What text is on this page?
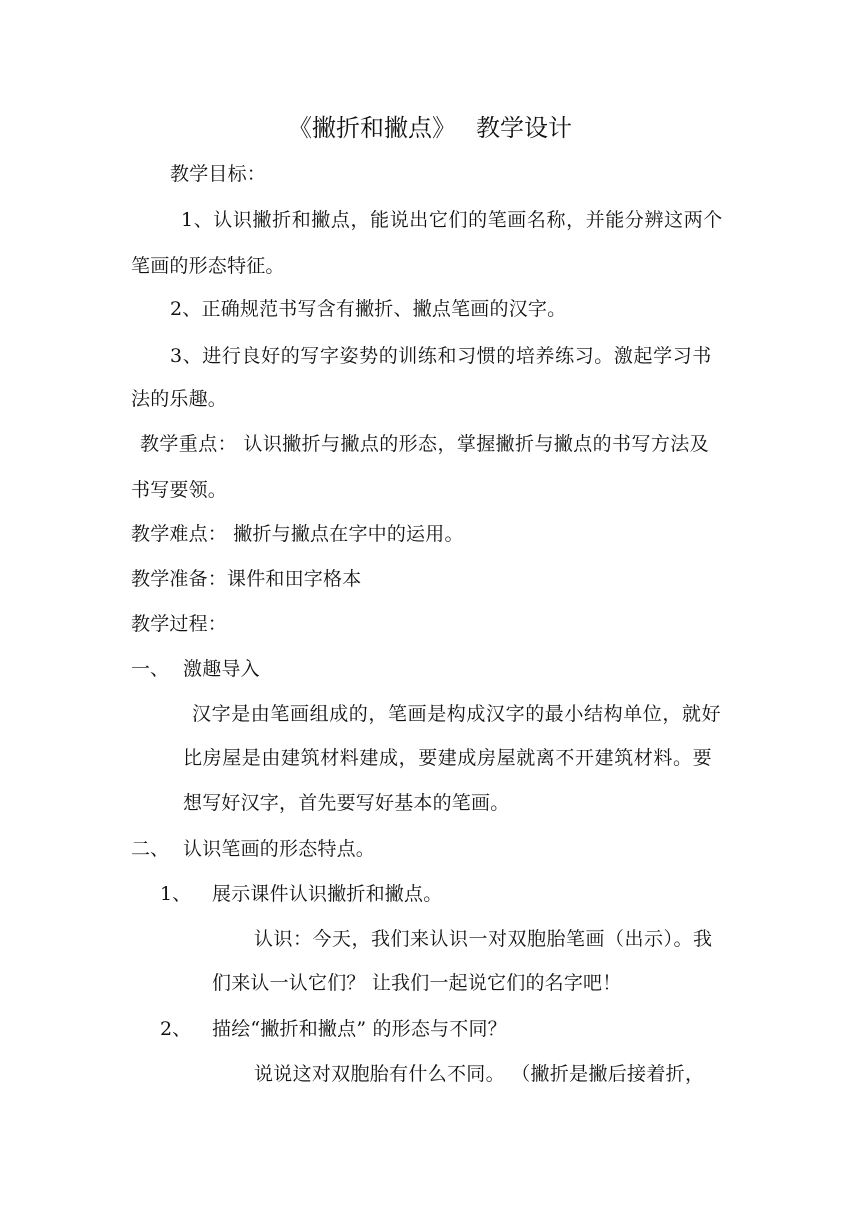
《撇折和撇点》 教学设计
教学目标：
1、认识撇折和撇点，能说出它们的笔画名称，并能分辨这两个
笔画的形态特征。
2、正确规范书写含有撇折、撇点笔画的汉字。
3、进行良好的写字姿势的训练和习惯的培养练习。激起学习书
法的乐趣。
教学重点： 认识撇折与撇点的形态，掌握撇折与撇点的书写方法及
书写要领。
教学难点： 撇折与撇点在字中的运用。
教学准备：课件和田字格本
教学过程：
一、 激趣导入
汉字是由笔画组成的，笔画是构成汉字的最小结构单位，就好
比房屋是由建筑材料建成，要建成房屋就离不开建筑材料。要
想写好汉字，首先要写好基本的笔画。
二、 认识笔画的形态特点。
1、 展示课件认识撇折和撇点。
认识：今天，我们来认识一对双胞胎笔画（出示）。我
们来认一认它们？ 让我们一起说它们的名字吧！
2、 描绘“撇折和撇点” 的形态与不同？
说说这对双胞胎有什么不同。 （撇折是撇后接着折，
